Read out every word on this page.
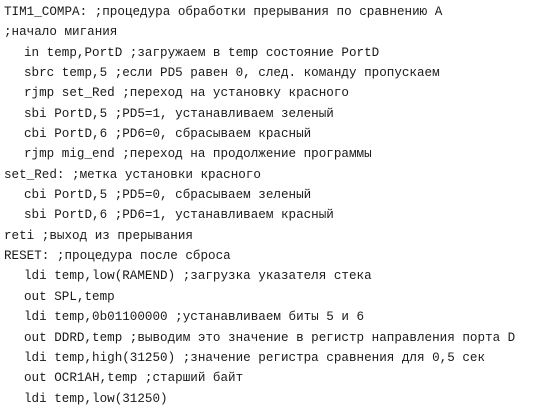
TIM1_COMPA: ;процедура обработки прерывания по сравнению A
;начало мигания
in temp,PortD ;загружаем в temp состояние PortD
sbrc temp,5 ;если PD5 равен 0, след. команду пропускаем
rjmp set_Red ;переход на установку красного
sbi PortD,5 ;PD5=1, устанавливаем зеленый
cbi PortD,6 ;PD6=0, сбрасываем красный
rjmp mig_end ;переход на продолжение программы
set_Red: ;метка установки красного
cbi PortD,5 ;PD5=0, сбрасываем зеленый
sbi PortD,6 ;PD6=1, устанавливаем красный
reti ;выход из прерывания
RESET: ;процедура после сброса
ldi temp,low(RAMEND) ;загрузка указателя стека
out SPL,temp
ldi temp,0b01100000 ;устанавливаем биты 5 и 6
out DDRD,temp ;выводим это значение в регистр направления порта D
ldi temp,high(31250) ;значение регистра сравнения для 0,5 сек
out OCR1AH,temp ;старший байт
ldi temp,low(31250)
